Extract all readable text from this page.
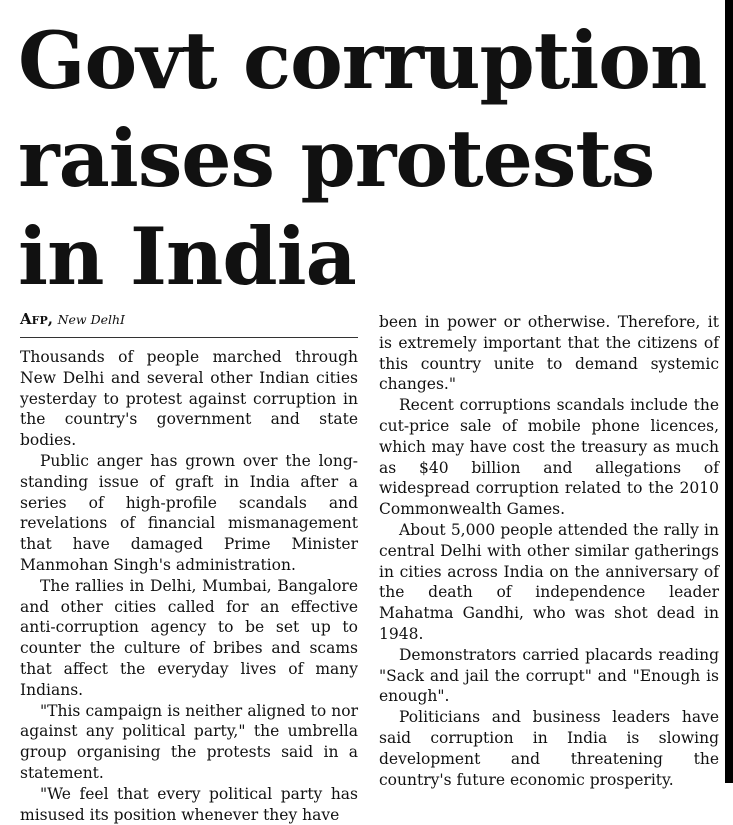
Govt corruption
raises protests
in India
Afp, New DelhI

Thousands of people marched through New Delhi and several other Indian cities yesterday to protest against corruption in the country's government and state bodies.

Public anger has grown over the long-standing issue of graft in India after a series of high-profile scandals and revelations of financial mismanagement that have damaged Prime Minister Manmohan Singh's administration.

The rallies in Delhi, Mumbai, Bangalore and other cities called for an effective anti-corruption agency to be set up to counter the culture of bribes and scams that affect the everyday lives of many Indians.

"This campaign is neither aligned to nor against any political party," the umbrella group organising the protests said in a statement.

"We feel that every political party has misused its position whenever they have

been in power or otherwise. Therefore, it is extremely important that the citizens of this country unite to demand systemic changes."

Recent corruptions scandals include the cut-price sale of mobile phone licences, which may have cost the treasury as much as $40 billion and allegations of widespread corruption related to the 2010 Commonwealth Games.

About 5,000 people attended the rally in central Delhi with other similar gatherings in cities across India on the anniversary of the death of independence leader Mahatma Gandhi, who was shot dead in 1948.

Demonstrators carried placards reading "Sack and jail the corrupt" and "Enough is enough".

Politicians and business leaders have said corruption in India is slowing development and threatening the country's future economic prosperity.
